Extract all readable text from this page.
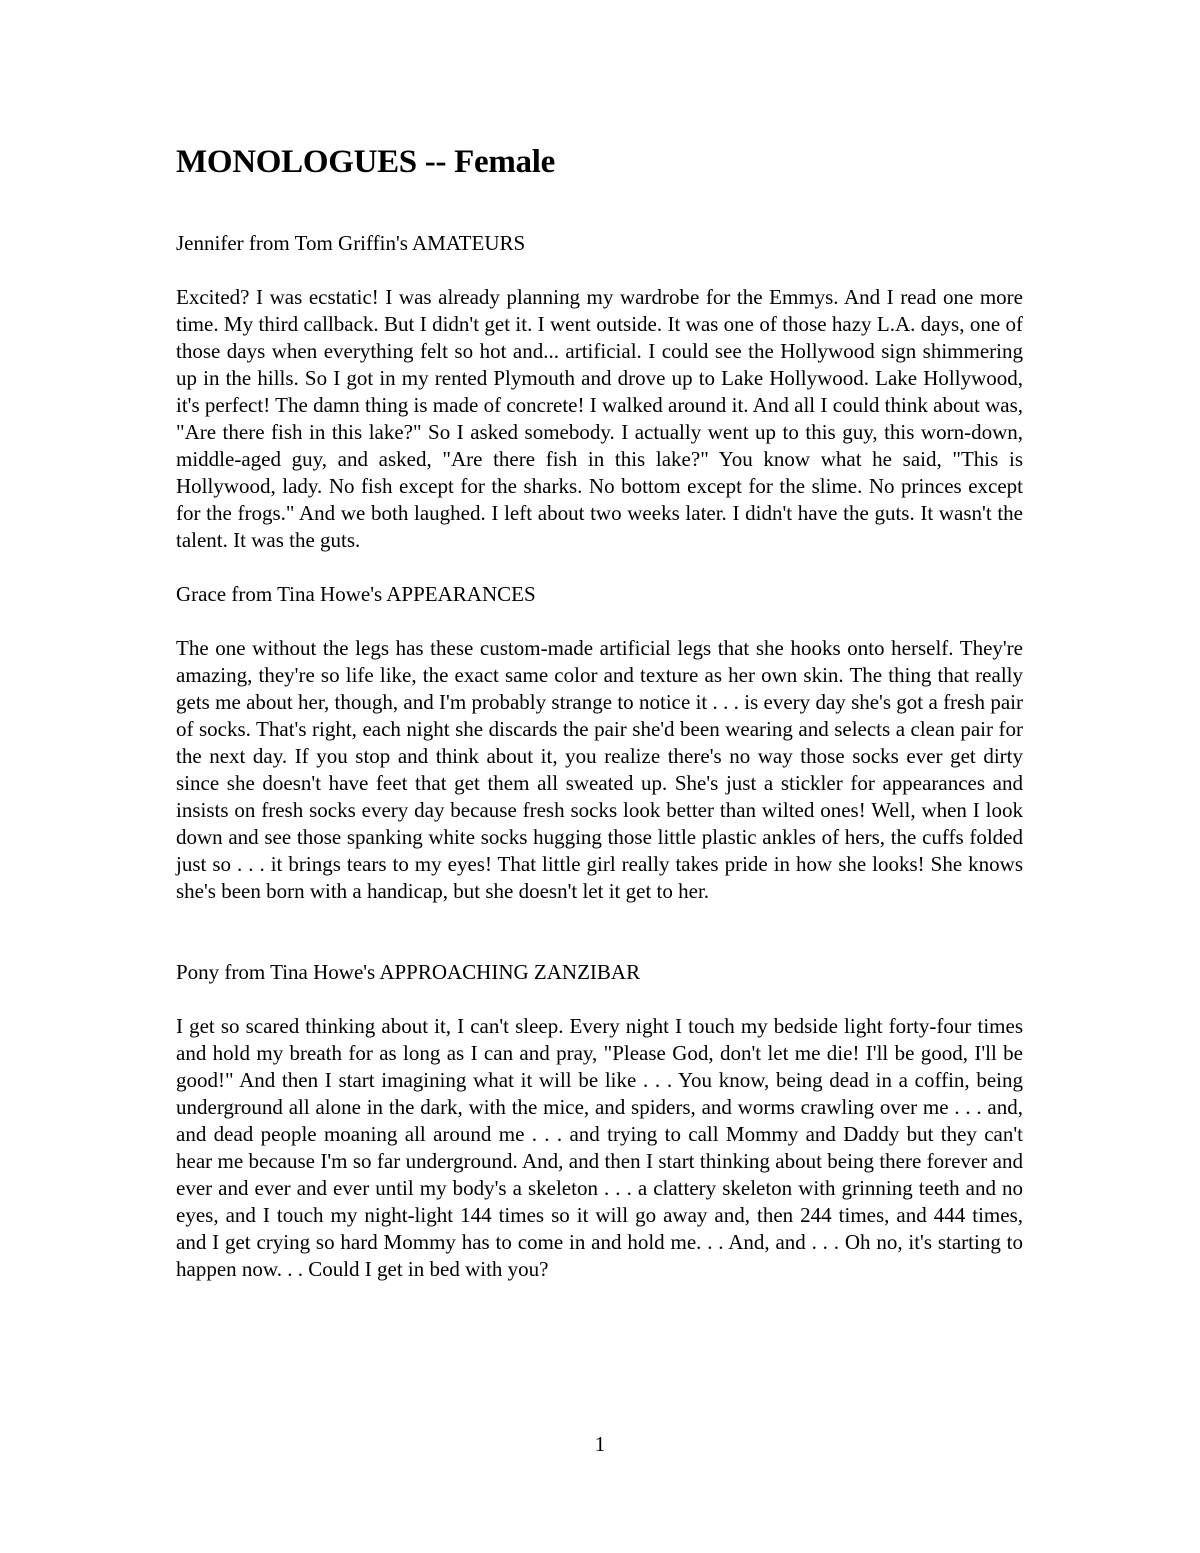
MONOLOGUES -- Female
Jennifer from Tom Griffin's AMATEURS
Excited? I was ecstatic! I was already planning my wardrobe for the Emmys. And I read one more time. My third callback. But I didn't get it. I went outside. It was one of those hazy L.A. days, one of those days when everything felt so hot and... artificial. I could see the Hollywood sign shimmering up in the hills. So I got in my rented Plymouth and drove up to Lake Hollywood. Lake Hollywood, it's perfect! The damn thing is made of concrete! I walked around it. And all I could think about was, "Are there fish in this lake?" So I asked somebody. I actually went up to this guy, this worn-down, middle-aged guy, and asked, "Are there fish in this lake?" You know what he said, "This is Hollywood, lady. No fish except for the sharks. No bottom except for the slime. No princes except for the frogs." And we both laughed. I left about two weeks later. I didn't have the guts. It wasn't the talent. It was the guts.
Grace from Tina Howe's APPEARANCES
The one without the legs has these custom-made artificial legs that she hooks onto herself. They're amazing, they're so life like, the exact same color and texture as her own skin. The thing that really gets me about her, though, and I'm probably strange to notice it . . . is every day she's got a fresh pair of socks. That's right, each night she discards the pair she'd been wearing and selects a clean pair for the next day. If you stop and think about it, you realize there's no way those socks ever get dirty since she doesn't have feet that get them all sweated up. She's just a stickler for appearances and insists on fresh socks every day because fresh socks look better than wilted ones! Well, when I look down and see those spanking white socks hugging those little plastic ankles of hers, the cuffs folded just so . . . it brings tears to my eyes! That little girl really takes pride in how she looks! She knows she's been born with a handicap, but she doesn't let it get to her.
Pony from Tina Howe's APPROACHING ZANZIBAR
I get so scared thinking about it, I can't sleep. Every night I touch my bedside light forty-four times and hold my breath for as long as I can and pray, "Please God, don't let me die! I'll be good, I'll be good!" And then I start imagining what it will be like . . . You know, being dead in a coffin, being underground all alone in the dark, with the mice, and spiders, and worms crawling over me . . . and, and dead people moaning all around me . . . and trying to call Mommy and Daddy but they can't hear me because I'm so far underground. And, and then I start thinking about being there forever and ever and ever and ever until my body's a skeleton . . . a clattery skeleton with grinning teeth and no eyes, and I touch my night-light 144 times so it will go away and, then 244 times, and 444 times, and I get crying so hard Mommy has to come in and hold me. . . And, and . . . Oh no, it's starting to happen now. . . Could I get in bed with you?
1
